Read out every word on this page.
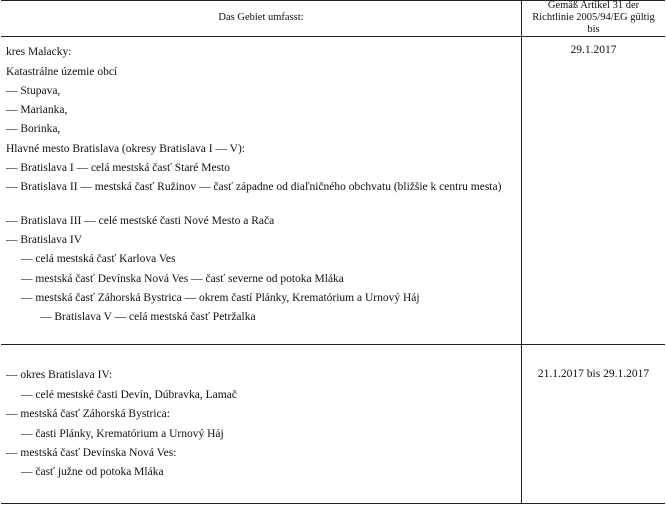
Das Gebiet umfasst:
Gemäß Artikel 31 der Richtlinie 2005/94/EG gültig bis
29.1.2017
kres Malacky:
Katastrálne územie obcí
— Stupava,
— Marianka,
— Borinka,
Hlavné mesto Bratislava (okresy Bratislava I — V):
— Bratislava I — celá mestská časť Staré Mesto
— Bratislava II — mestská časť Ružinov — časť západne od diaľničného obchvatu (bližšie k centru mesta)
— Bratislava III — celé mestské časti Nové Mesto a Rača
— Bratislava IV
— celá mestská časť Karlova Ves
— mestská časť Devínska Nová Ves — časť severne od potoka Mláka
— mestská časť Záhorská Bystrica — okrem častí Plánky, Krematórium a Urnový Háj
— Bratislava V — celá mestská časť Petržalka
21.1.2017 bis 29.1.2017
— okres Bratislava IV:
— celé mestské časti Devín, Dúbravka, Lamač
— mestská časť Záhorská Bystrica:
— časti Plánky, Krematórium a Urnový Háj
— mestská časť Devínska Nová Ves:
— časť južne od potoka Mláka
